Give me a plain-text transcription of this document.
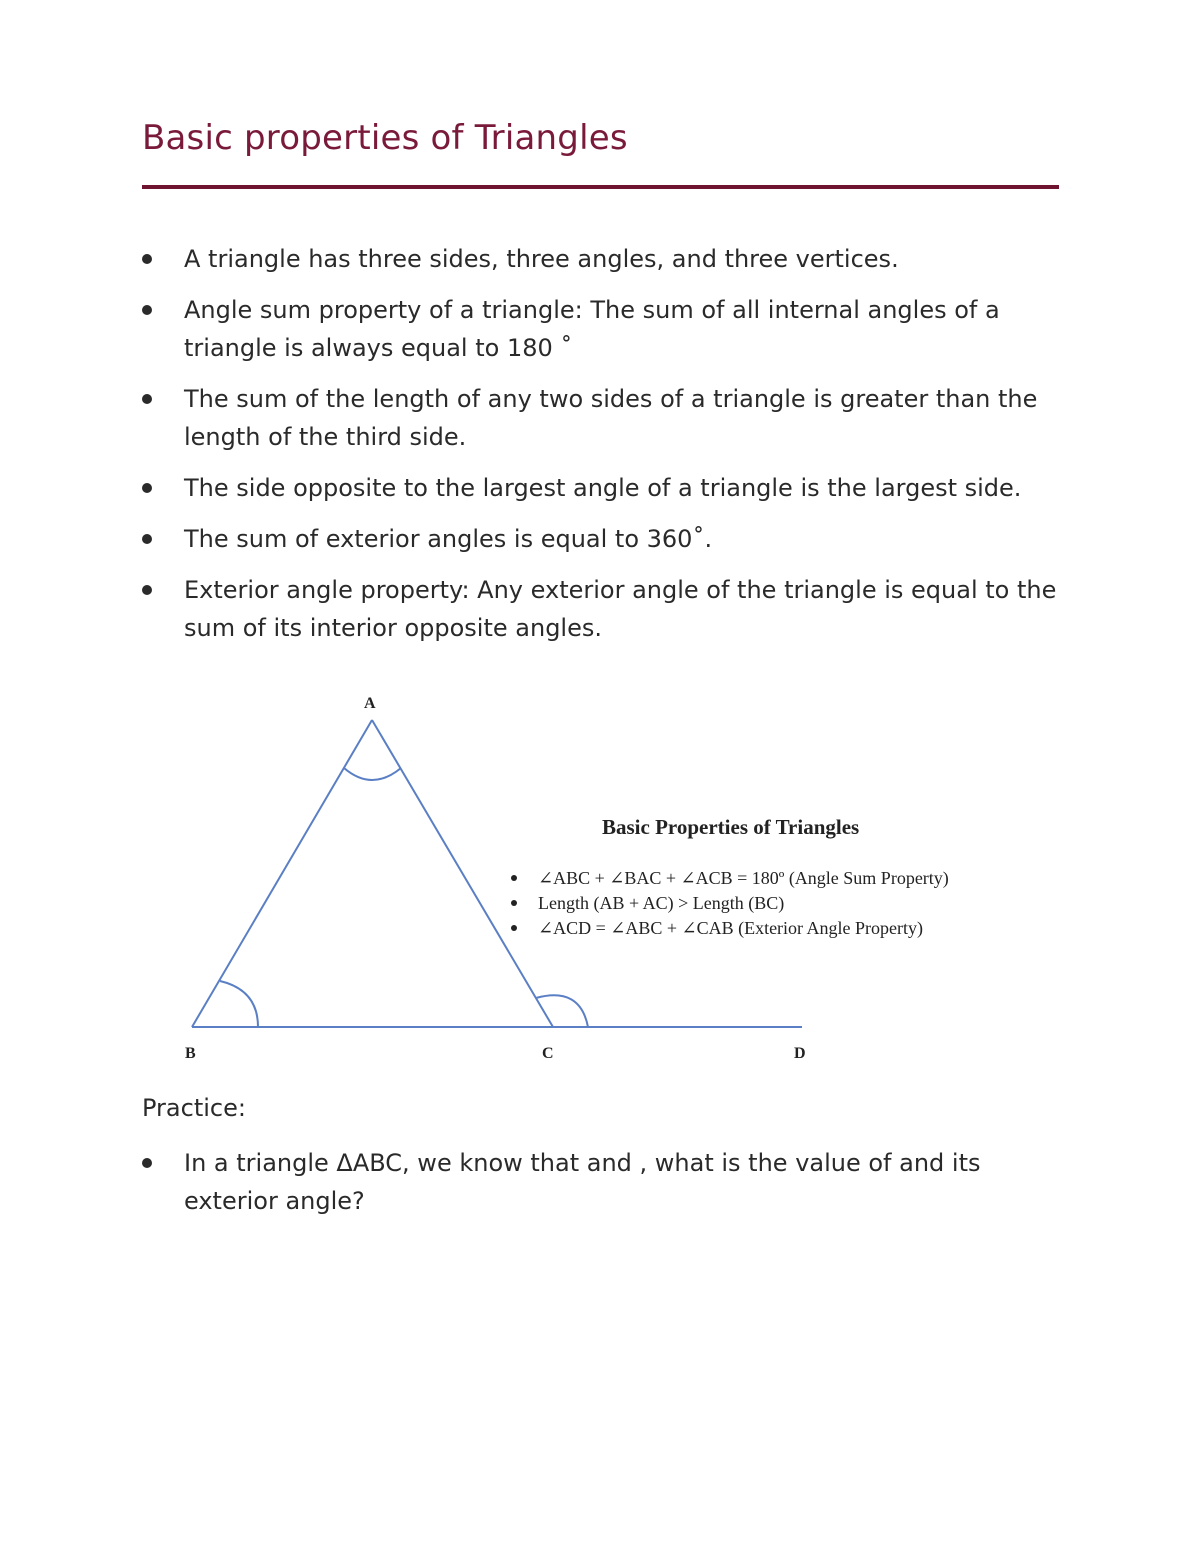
Basic properties of Triangles
A triangle has three sides, three angles, and three vertices.
Angle sum property of a triangle: The sum of all internal angles of a triangle is always equal to 180 ˚
The sum of the length of any two sides of a triangle is greater than the length of the third side.
The side opposite to the largest angle of a triangle is the largest side.
The sum of exterior angles is equal to 360˚.
Exterior angle property: Any exterior angle of the triangle is equal to the sum of its interior opposite angles.
A
B	C	D
Basic Properties of Triangles
∠ABC + ∠BAC + ∠ACB = 180º (Angle Sum Property)
Length (AB + AC) > Length (BC)
∠ACD = ∠ABC + ∠CAB (Exterior Angle Property)
Practice:
In a triangle ΔABC, we know that and , what is the value of and its exterior angle?
